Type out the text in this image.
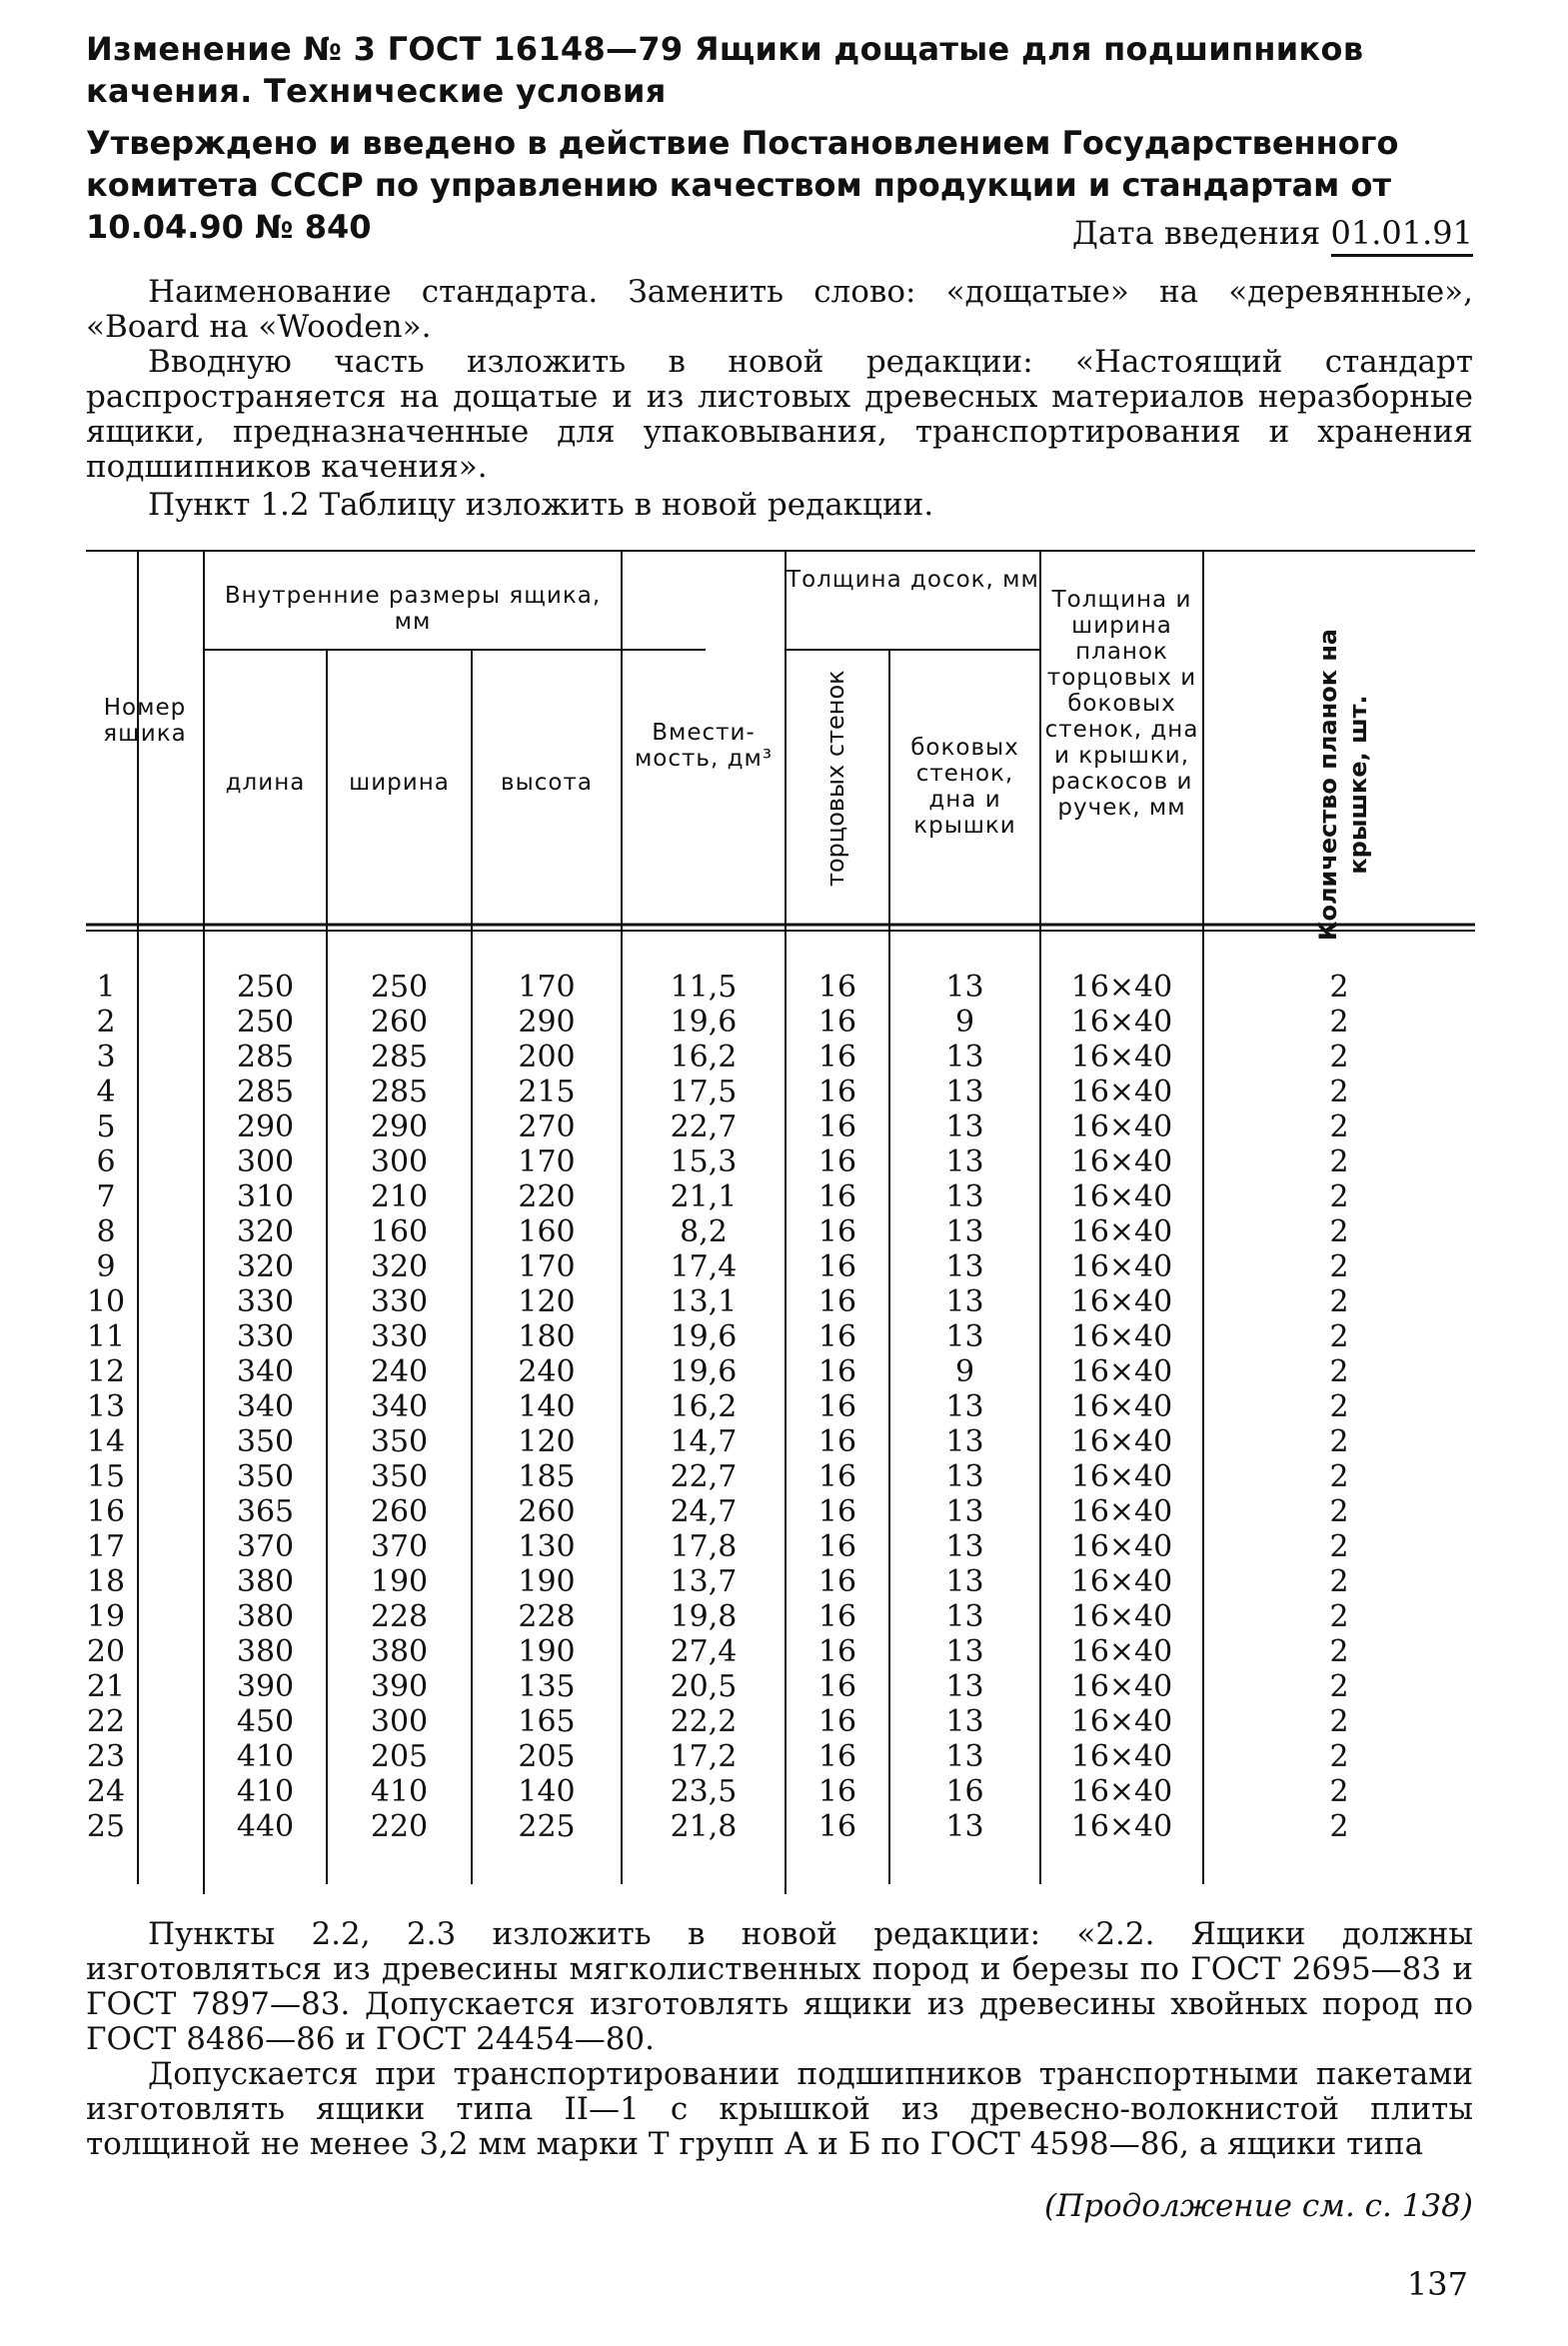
Изменение № 3 ГОСТ 16148—79 Ящики дощатые для подшипников качения. Технические условия
Утверждено и введено в действие Постановлением Государственного комитета СССР по управлению качеством продукции и стандартам от 10.04.90 № 840	Дата введения 01.01.91
Наименование стандарта. Заменить слово: «дощатые» на «деревянные», «Board на «Wooden».
Вводную часть изложить в новой редакции: «Настоящий стандарт распространяется на дощатые и из листовых древесных материалов неразборные ящики, предназначенные для упаковывания, транспортирования и хранения подшипников качения».
Пункт 1.2 Таблицу изложить в новой редакции.
Номер ящика
Внутренние размеры ящика, мм
длина	ширина	высота
Вмести-мость, дм³
Толщина досок, мм
торцовых стенок	боковых стенок, дна и крышки
Толщина и ширина планок торцовых и боковых стенок, дна и крышки, раскосов и ручек, мм	Количество планок на крышке, шт.
1	250	250	170	11,5	16	13	16×40	2
2	250	260	290	19,6	16	9	16×40	2
3	285	285	200	16,2	16	13	16×40	2
4	285	285	215	17,5	16	13	16×40	2
5	290	290	270	22,7	16	13	16×40	2
6	300	300	170	15,3	16	13	16×40	2
7	310	210	220	21,1	16	13	16×40	2
8	320	160	160	8,2	16	13	16×40	2
9	320	320	170	17,4	16	13	16×40	2
10	330	330	120	13,1	16	13	16×40	2
11	330	330	180	19,6	16	13	16×40	2
12	340	240	240	19,6	16	9	16×40	2
13	340	340	140	16,2	16	13	16×40	2
14	350	350	120	14,7	16	13	16×40	2
15	350	350	185	22,7	16	13	16×40	2
16	365	260	260	24,7	16	13	16×40	2
17	370	370	130	17,8	16	13	16×40	2
18	380	190	190	13,7	16	13	16×40	2
19	380	228	228	19,8	16	13	16×40	2
20	380	380	190	27,4	16	13	16×40	2
21	390	390	135	20,5	16	13	16×40	2
22	450	300	165	22,2	16	13	16×40	2
23	410	205	205	17,2	16	13	16×40	2
24	410	410	140	23,5	16	16	16×40	2
25	440	220	225	21,8	16	13	16×40	2
Пункты 2.2, 2.3 изложить в новой редакции: «2.2. Ящики должны изготовляться из древесины мягколиственных пород и березы по ГОСТ 2695—83 и ГОСТ 7897—83. Допускается изготовлять ящики из древесины хвойных пород по ГОСТ 8486—86 и ГОСТ 24454—80.
Допускается при транспортировании подшипников транспортными пакетами изготовлять ящики типа II—1 с крышкой из древесно-волокнистой плиты толщиной не менее 3,2 мм марки Т групп А и Б по ГОСТ 4598—86, а ящики типа
(Продолжение см. с. 138)
137
